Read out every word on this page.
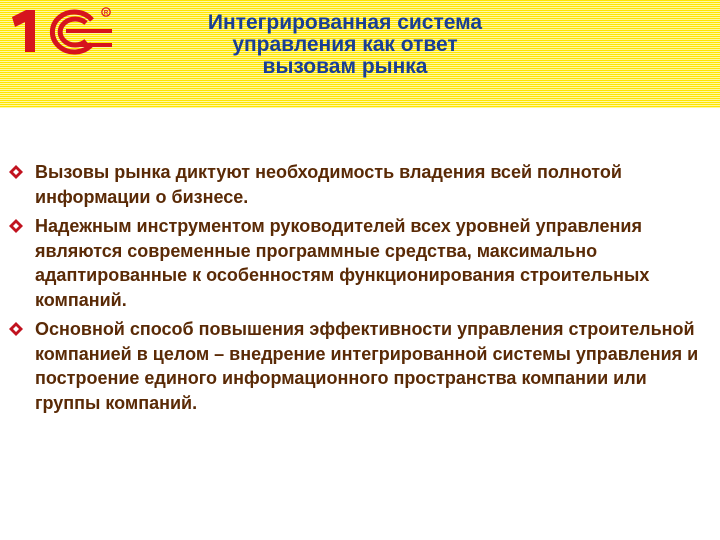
R	Интегрированная система
управления как ответ
вызовам рынка
Вызовы рынка диктуют необходимость владения всей полнотой информации о бизнесе.
Надежным инструментом руководителей всех уровней управления являются современные программные средства, максимально адаптированные к особенностям функционирования строительных компаний.
Основной способ повышения эффективности управления строительной компанией в целом – внедрение интегрированной системы управления и построение единого информационного пространства компании или группы компаний.
